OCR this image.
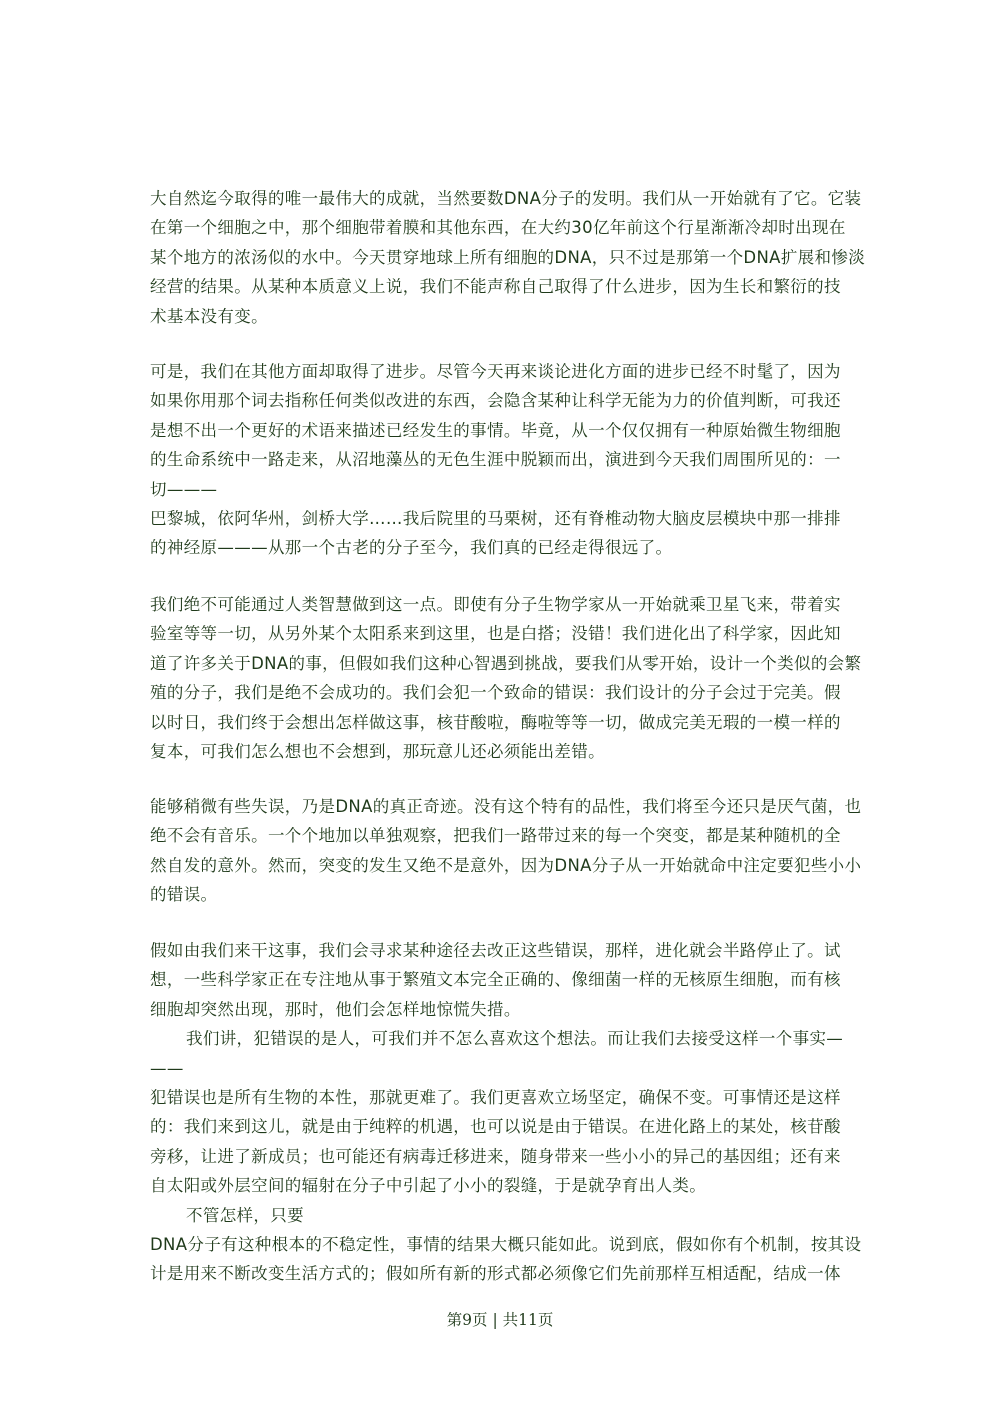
大自然迄今取得的唯一最伟大的成就，当然要数DNA分子的发明。我们从一开始就有了它。它装
在第一个细胞之中，那个细胞带着膜和其他东西，在大约30亿年前这个行星渐渐冷却时出现在
某个地方的浓汤似的水中。今天贯穿地球上所有细胞的DNA，只不过是那第一个DNA扩展和惨淡
经营的结果。从某种本质意义上说，我们不能声称自己取得了什么进步，因为生长和繁衍的技
术基本没有变。
可是，我们在其他方面却取得了进步。尽管今天再来谈论进化方面的进步已经不时髦了，因为
如果你用那个词去指称任何类似改进的东西，会隐含某种让科学无能为力的价值判断，可我还
是想不出一个更好的术语来描述已经发生的事情。毕竟，从一个仅仅拥有一种原始微生物细胞
的生命系统中一路走来，从沼地藻丛的无色生涯中脱颖而出，演进到今天我们周围所见的：一
切———
巴黎城，依阿华州，剑桥大学……我后院里的马栗树，还有脊椎动物大脑皮层模块中那一排排
的神经原———从那一个古老的分子至今，我们真的已经走得很远了。
我们绝不可能通过人类智慧做到这一点。即使有分子生物学家从一开始就乘卫星飞来，带着实
验室等等一切，从另外某个太阳系来到这里，也是白搭；没错！我们进化出了科学家，因此知
道了许多关于DNA的事，但假如我们这种心智遇到挑战，要我们从零开始，设计一个类似的会繁
殖的分子，我们是绝不会成功的。我们会犯一个致命的错误：我们设计的分子会过于完美。假
以时日，我们终于会想出怎样做这事，核苷酸啦，酶啦等等一切，做成完美无瑕的一模一样的
复本，可我们怎么想也不会想到，那玩意儿还必须能出差错。
能够稍微有些失误，乃是DNA的真正奇迹。没有这个特有的品性，我们将至今还只是厌气菌，也
绝不会有音乐。一个个地加以单独观察，把我们一路带过来的每一个突变，都是某种随机的全
然自发的意外。然而，突变的发生又绝不是意外，因为DNA分子从一开始就命中注定要犯些小小
的错误。
假如由我们来干这事，我们会寻求某种途径去改正这些错误，那样，进化就会半路停止了。试
想，一些科学家正在专注地从事于繁殖文本完全正确的、像细菌一样的无核原生细胞，而有核
细胞却突然出现，那时，他们会怎样地惊慌失措。
我们讲，犯错误的是人，可我们并不怎么喜欢这个想法。而让我们去接受这样一个事实—
——
犯错误也是所有生物的本性，那就更难了。我们更喜欢立场坚定，确保不变。可事情还是这样
的：我们来到这儿，就是由于纯粹的机遇，也可以说是由于错误。在进化路上的某处，核苷酸
旁移，让进了新成员；也可能还有病毒迁移进来，随身带来一些小小的异己的基因组；还有来
自太阳或外层空间的辐射在分子中引起了小小的裂缝，于是就孕育出人类。
不管怎样，只要
DNA分子有这种根本的不稳定性，事情的结果大概只能如此。说到底，假如你有个机制，按其设
计是用来不断改变生活方式的；假如所有新的形式都必须像它们先前那样互相适配，结成一体
第9页 | 共11页
